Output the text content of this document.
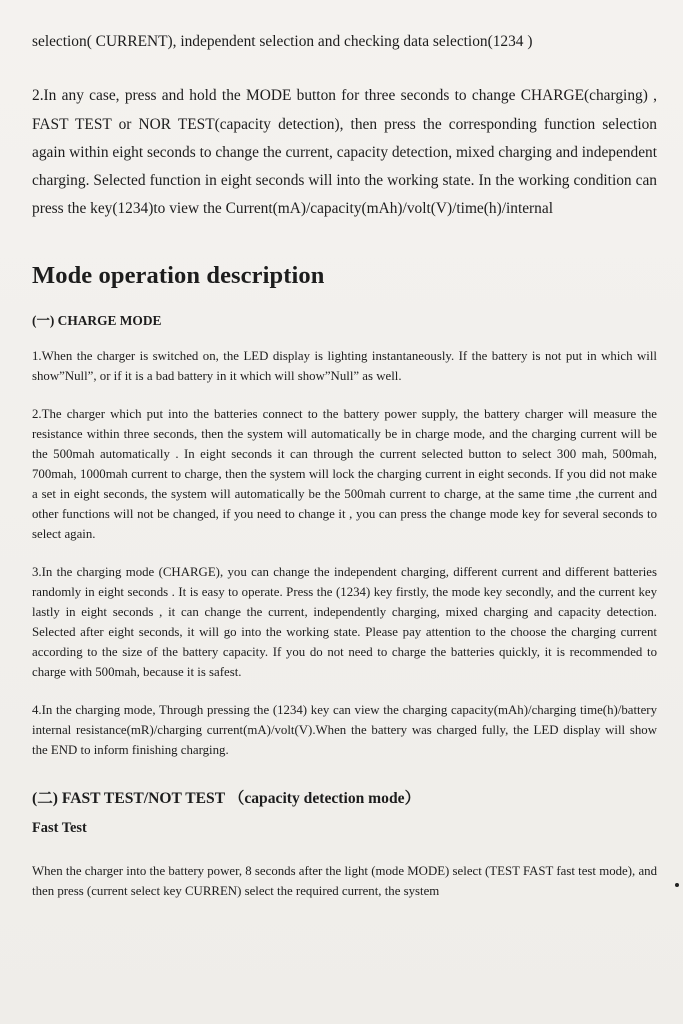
selection( CURRENT), independent selection and checking data selection(1234 )

2.In any case, press and hold the MODE button for three seconds to change CHARGE(charging) , FAST TEST or NOR TEST(capacity detection), then press the corresponding function selection again within eight seconds to change the current, capacity detection, mixed charging and independent charging. Selected function in eight seconds will into the working state. In the working condition can press the key(1234)to view the Current(mA)/capacity(mAh)/volt(V)/time(h)/internal

Mode operation description
(一) CHARGE MODE

1.When the charger is switched on, the LED display is lighting instantaneously. If the battery is not put in which will show”Null”, or if it is a bad battery in it which will show”Null” as well.

2.The charger which put into the batteries connect to the battery power supply, the battery charger will measure the resistance within three seconds, then the system will automatically be in charge mode, and the charging current will be the 500mah automatically . In eight seconds it can through the current selected button to select 300 mah, 500mah, 700mah, 1000mah current to charge, then the system will lock the charging current in eight seconds. If you did not make a set in eight seconds, the system will automatically be the 500mah current to charge, at the same time ,the current and other functions will not be changed, if you need to change it , you can press the change mode key for several seconds to select again.

3.In the charging mode (CHARGE), you can change the independent charging, different current and different batteries randomly in eight seconds . It is easy to operate. Press the (1234) key firstly, the mode key secondly, and the current key lastly in eight seconds , it can change the current, independently charging, mixed charging and capacity detection. Selected after eight seconds, it will go into the working state. Please pay attention to the choose the charging current according to the size of the battery capacity. If you do not need to charge the batteries quickly, it is recommended to charge with 500mah, because it is safest.

4.In the charging mode, Through pressing the (1234) key can view the charging capacity(mAh)/charging time(h)/battery internal resistance(mR)/charging current(mA)/volt(V).When the battery was charged fully, the LED display will show the END to inform finishing charging.

(二) FAST TEST/NOT TEST （capacity detection mode）
Fast Test

When the charger into the battery power, 8 seconds after the light (mode MODE) select (TEST FAST fast test mode), and then press (current select key CURREN) select the required current, the system
